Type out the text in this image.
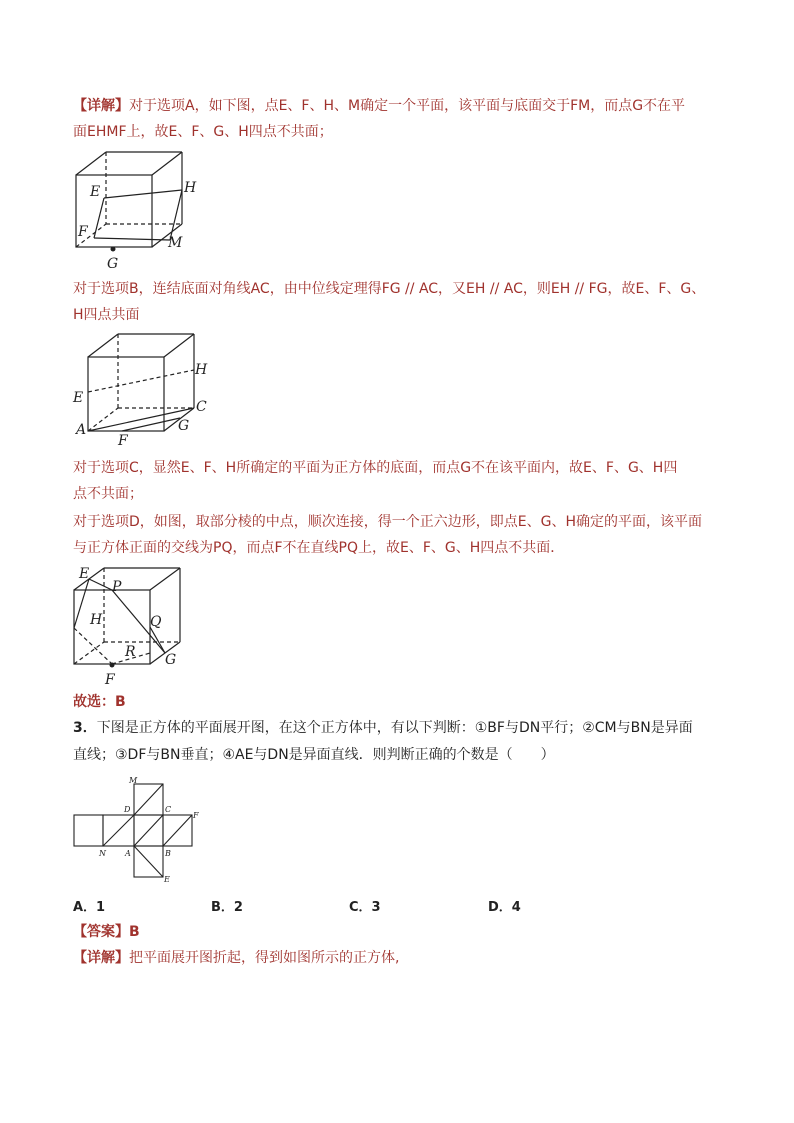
【详解】对于选项A，如下图，点E、F、H、M确定一个平面，该平面与底面交于FM，而点G不在平
面EHMF上，故E、F、G、H四点不共面；
E	H
F
M
G
对于选项B，连结底面对角线AC，由中位线定理得FG // AC，又EH // AC，则EH // FG，故E、F、G、
H四点共面
H
E
C
A	G
F
对于选项C，显然E、F、H所确定的平面为正方体的底面，而点G不在该平面内，故E、F、G、H四
点不共面；
对于选项D，如图，取部分棱的中点，顺次连接，得一个正六边形，即点E、G、H确定的平面，该平面
与正方体正面的交线为PQ，而点F不在直线PQ上，故E、F、G、H四点不共面．
E
P
H	Q
R G
F
故选：B
3．下图是正方体的平面展开图，在这个正方体中，有以下判断：①BF与DN平行；②CM与BN是异面
直线；③DF与BN垂直；④AE与DN是异面直线．则判断正确的个数是（　　）
M
D	C
F
N A	B
E
A．1	B．2	C．3	D．4
【答案】B
【详解】把平面展开图折起，得到如图所示的正方体,
